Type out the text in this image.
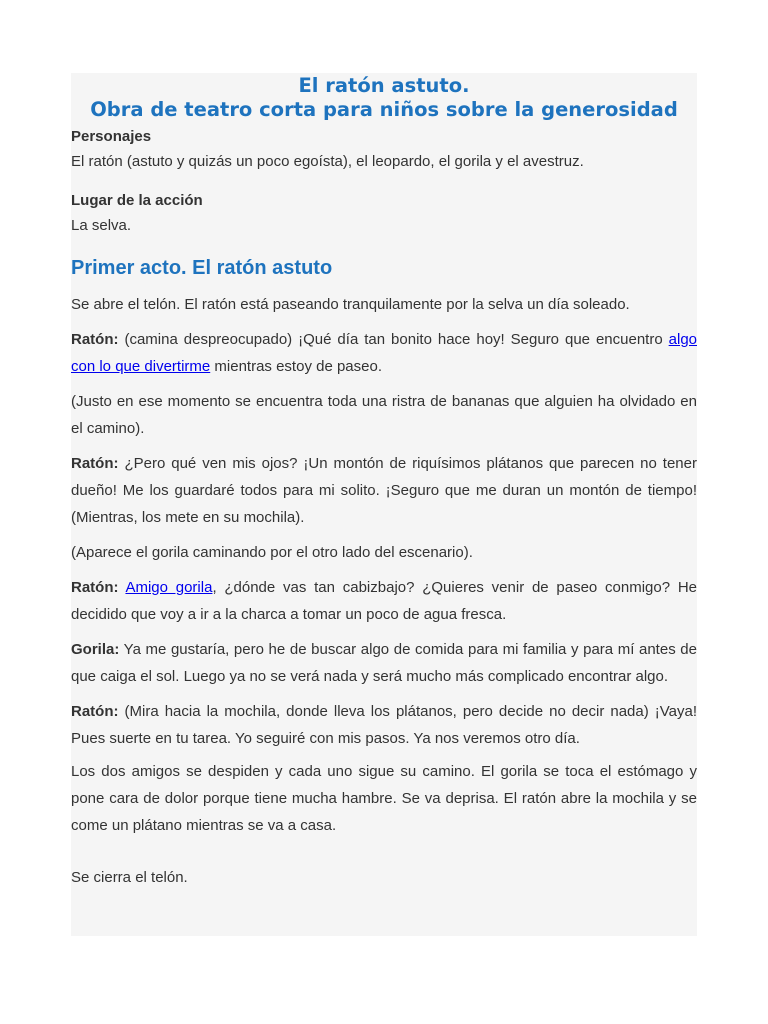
El ratón astuto.
Obra de teatro corta para niños sobre la generosidad

Personajes

El ratón (astuto y quizás un poco egoísta), el leopardo, el gorila y el avestruz.

Lugar de la acción

La selva.

Primer acto. El ratón astuto

Se abre el telón. El ratón está paseando tranquilamente por la selva un día soleado.

Ratón: (camina despreocupado) ¡Qué día tan bonito hace hoy! Seguro que encuentro algo con lo que divertirme mientras estoy de paseo.

(Justo en ese momento se encuentra toda una ristra de bananas que alguien ha olvidado en el camino).

Ratón: ¿Pero qué ven mis ojos? ¡Un montón de riquísimos plátanos que parecen no tener dueño! Me los guardaré todos para mi solito. ¡Seguro que me duran un montón de tiempo! (Mientras, los mete en su mochila).

(Aparece el gorila caminando por el otro lado del escenario).

Ratón: Amigo gorila, ¿dónde vas tan cabizbajo? ¿Quieres venir de paseo conmigo? He decidido que voy a ir a la charca a tomar un poco de agua fresca.

Gorila: Ya me gustaría, pero he de buscar algo de comida para mi familia y para mí antes de que caiga el sol. Luego ya no se verá nada y será mucho más complicado encontrar algo.

Ratón: (Mira hacia la mochila, donde lleva los plátanos, pero decide no decir nada) ¡Vaya! Pues suerte en tu tarea. Yo seguiré con mis pasos. Ya nos veremos otro día.

Los dos amigos se despiden y cada uno sigue su camino. El gorila se toca el estómago y pone cara de dolor porque tiene mucha hambre. Se va deprisa. El ratón abre la mochila y se come un plátano mientras se va a casa.

Se cierra el telón.
